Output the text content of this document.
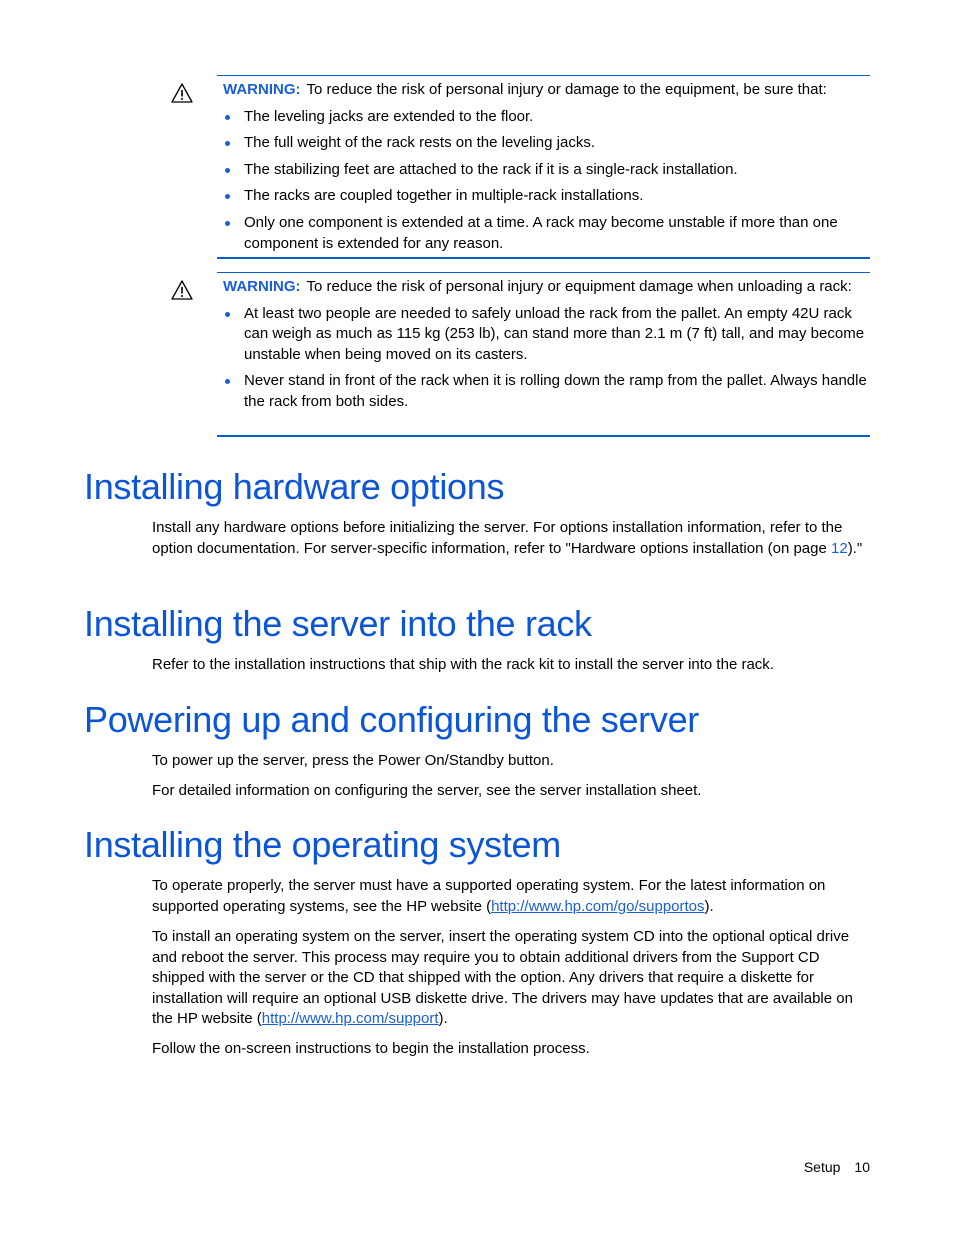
WARNING: To reduce the risk of personal injury or damage to the equipment, be sure that:

The leveling jacks are extended to the floor.
The full weight of the rack rests on the leveling jacks.
The stabilizing feet are attached to the rack if it is a single-rack installation.
The racks are coupled together in multiple-rack installations.
Only one component is extended at a time. A rack may become unstable if more than one component is extended for any reason.

WARNING: To reduce the risk of personal injury or equipment damage when unloading a rack:

At least two people are needed to safely unload the rack from the pallet. An empty 42U rack can weigh as much as 115 kg (253 lb), can stand more than 2.1 m (7 ft) tall, and may become unstable when being moved on its casters.
Never stand in front of the rack when it is rolling down the ramp from the pallet. Always handle the rack from both sides.
Installing hardware options

Install any hardware options before initializing the server. For options installation information, refer to the option documentation. For server-specific information, refer to "Hardware options installation (on page 12)."

Installing the server into the rack

Refer to the installation instructions that ship with the rack kit to install the server into the rack.

Powering up and configuring the server

To power up the server, press the Power On/Standby button.

For detailed information on configuring the server, see the server installation sheet.

Installing the operating system

To operate properly, the server must have a supported operating system. For the latest information on supported operating systems, see the HP website (http://www.hp.com/go/supportos).

To install an operating system on the server, insert the operating system CD into the optional optical drive and reboot the server. This process may require you to obtain additional drivers from the Support CD shipped with the server or the CD that shipped with the option. Any drivers that require a diskette for installation will require an optional USB diskette drive. The drivers may have updates that are available on the HP website (http://www.hp.com/support).

Follow the on-screen instructions to begin the installation process.

Setup 10
